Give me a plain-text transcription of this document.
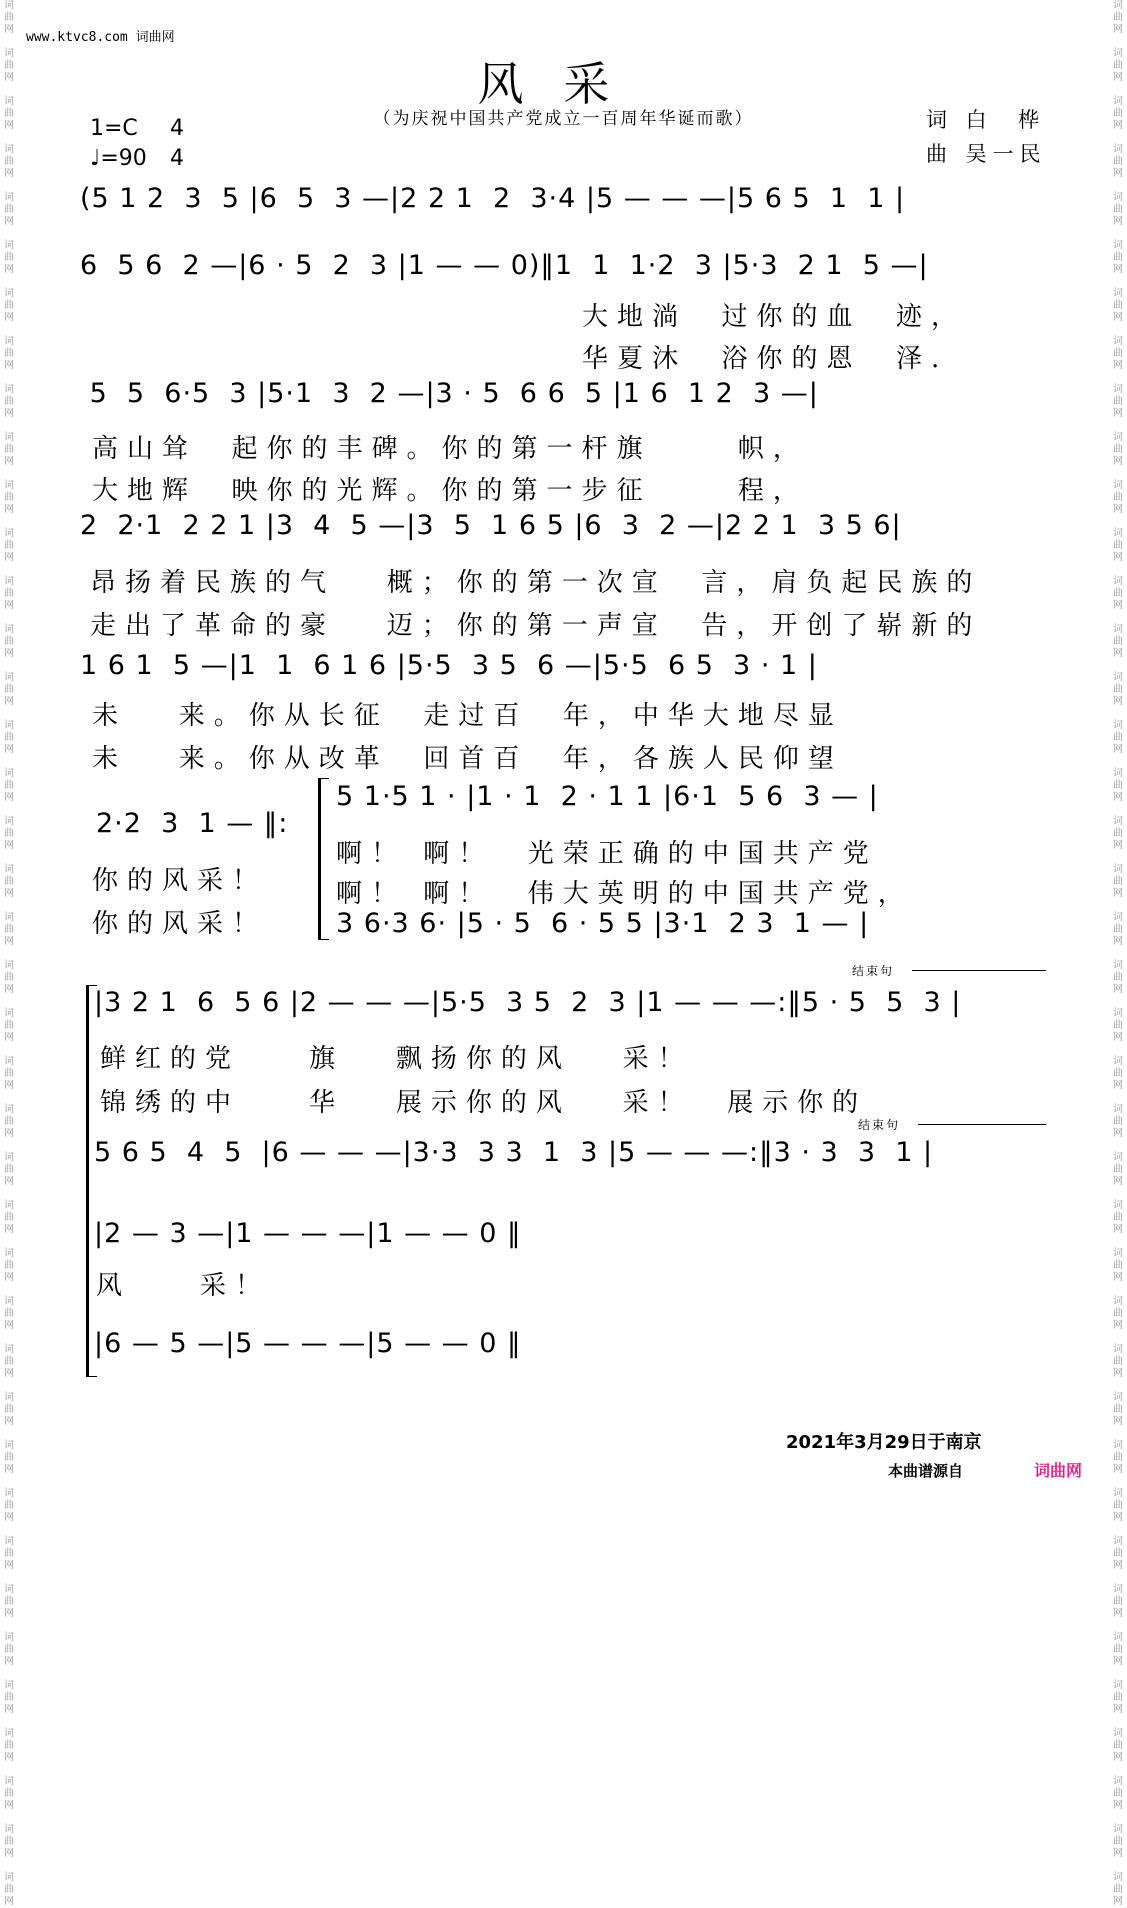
词
曲
网

词
曲
网

词
曲
网

词
曲
网

词
曲
网

词
曲
网

词
曲
网

词
曲
网

词
曲
网

词
曲
网

词
曲
网

词
曲
网

词
曲
网

词
曲
网

词
曲
网

词
曲
网

词
曲
网

词
曲
网

词
曲
网

词
曲
网

词
曲
网

词
曲
网

词
曲
网

词
曲
网

词
曲
网

词
曲
网

词
曲
网

词
曲
网

词
曲
网

词
曲
网

词
曲
网

词
曲
网

词
曲
网

词
曲
网

词
曲
网

词
曲
网

词
曲
网

词
曲
网

词
曲
网

词
曲
网

词
曲
网

词
曲
网

词
曲
网

词
曲
网

词
曲
网

词
曲
网

词
曲
网

词
曲
网

词
曲
网

词
曲
网

词
曲
网

词
曲
网

词
曲
网

词
曲
网

词
曲
网

词
曲
网

词
曲
网

词
曲
网

词
曲
网

词
曲
网

词
曲
网

词
曲
网

词
曲
网

词
曲
网

词
曲
网

词
曲
网

词
曲
网

词
曲
网

词
曲
网

词
曲
网

词
曲
网

词
曲
网

词
曲
网

词
曲
网

词
曲
网

词
曲
网

词
曲
网

词
曲
网

词
曲
网

词
曲
网

www.ktvc8.com 词曲网
风采
（为庆祝中国共产党成立一百周年华诞而歌）	词 白  桦
曲 吴一民
1=C
♩=90
4
4
(5 1 2  3  5 |6  5  3 —|2 2 1  2  3·4 |5 — — —|5 6 5  1  1 |
6  5 6  2 —|6 · 5  2  3 |1 — — 0)‖1  1  1·2  3 |5·3  2 1  5 —|
大地淌  过你的血  迹，
华夏沐  浴你的恩  泽.
5  5  6·5  3 |5·1  3  2 —|3 · 5  6 6  5 |1 6  1 2  3 —|
高山耸  起你的丰碑。你的第一杆旗     帜，
大地辉  映你的光辉。你的第一步征     程，
2  2·1  2 2 1 |3  4  5 —|3  5  1 6 5 |6  3  2 —|2 2 1  3 5 6|
昂扬着民族的气   概；你的第一次宣  言，肩负起民族的
走出了革命的豪   迈；你的第一声宣  告，开创了崭新的
1 6 1  5 —|1  1  6 1 6 |5·5  3 5  6 —|5·5  6 5  3 · 1 |
未   来。你从长征  走过百  年，中华大地尽显
未   来。你从改革  回首百  年，各族人民仰望
5 1·5 1 · |1 · 1  2 · 1 1 |6·1  5 6  3 — |
2·2  3  1 — ‖:
你的风采！
你的风采！
啊！ 啊！  光荣正确的中国共产党
啊！ 啊！  伟大英明的中国共产党，
3 6·3 6· |5 · 5  6 · 5 5 |3·1  2 3  1 — |
结束句
|3 2 1  6  5 6 |2 — — —|5·5  3 5  2  3 |1 — — —:‖5 · 5  5  3 |
鲜红的党    旗   飘扬你的风   采！
锦绣的中    华   展示你的风   采！  展示你的
结束句
5 6 5  4  5  |6 — — —|3·3  3 3  1  3 |5 — — —:‖3 · 3  3  1 |
|2 — 3 —|1 — — —|1 — — 0 ‖
风    采！
|6 — 5 —|5 — — —|5 — — 0 ‖
2021年3月29日于南京
本曲谱源自	词曲网
